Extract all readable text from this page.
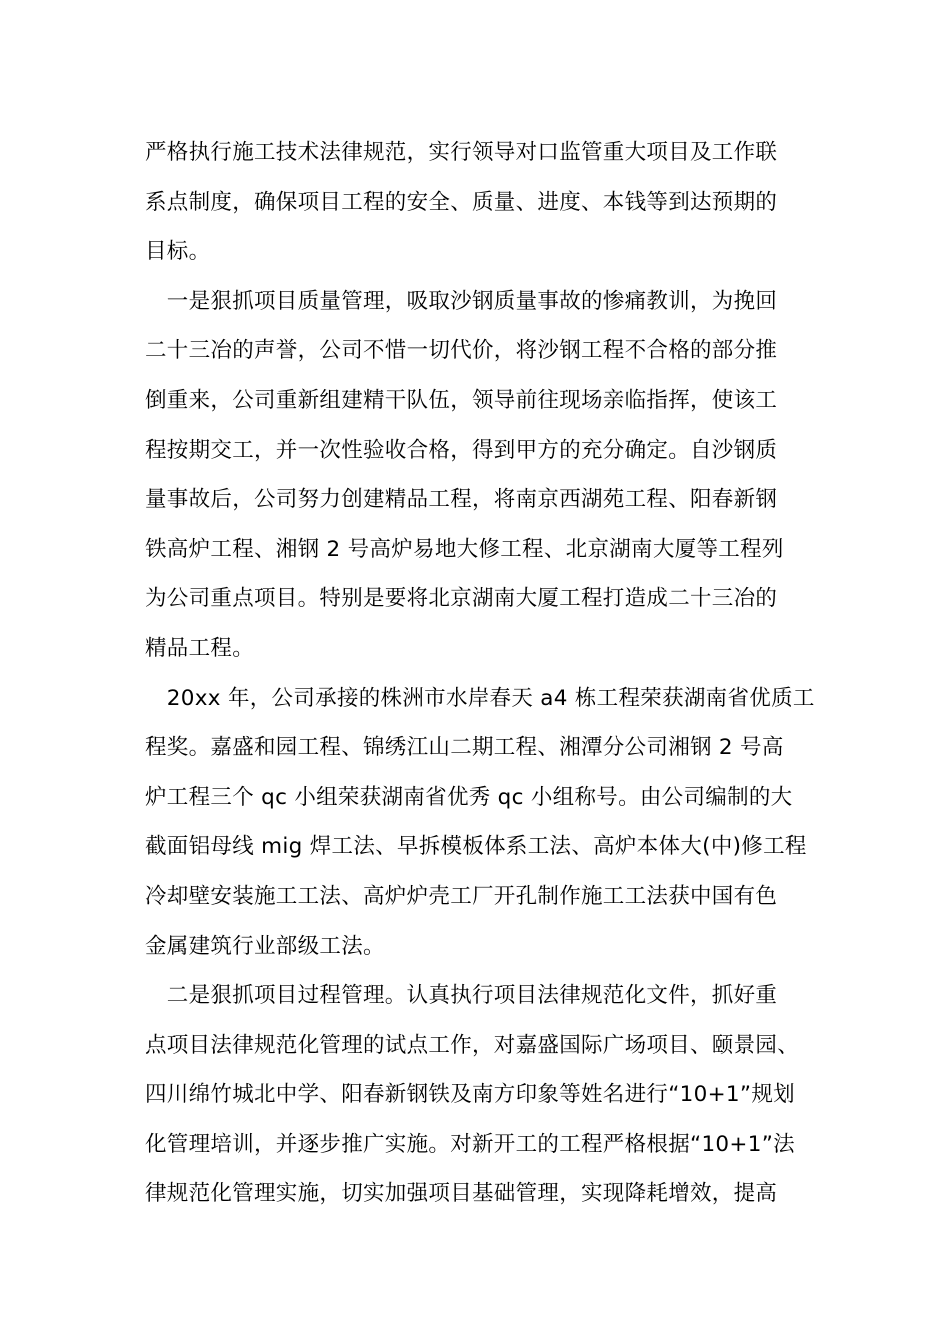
严格执行施工技术法律规范，实行领导对口监管重大项目及工作联
系点制度，确保项目工程的安全、质量、进度、本钱等到达预期的
目标。
　一是狠抓项目质量管理，吸取沙钢质量事故的惨痛教训，为挽回
二十三冶的声誉，公司不惜一切代价，将沙钢工程不合格的部分推
倒重来，公司重新组建精干队伍，领导前往现场亲临指挥，使该工
程按期交工，并一次性验收合格，得到甲方的充分确定。自沙钢质
量事故后，公司努力创建精品工程，将南京西湖苑工程、阳春新钢
铁高炉工程、湘钢 2 号高炉易地大修工程、北京湖南大厦等工程列
为公司重点项目。特别是要将北京湖南大厦工程打造成二十三冶的
精品工程。
　20xx 年，公司承接的株洲市水岸春天 a4 栋工程荣获湖南省优质工
程奖。嘉盛和园工程、锦绣江山二期工程、湘潭分公司湘钢 2 号高
炉工程三个 qc 小组荣获湖南省优秀 qc 小组称号。由公司编制的大
截面铝母线 mig 焊工法、早拆模板体系工法、高炉本体大(中)修工程
冷却壁安装施工工法、高炉炉壳工厂开孔制作施工工法获中国有色
金属建筑行业部级工法。
　二是狠抓项目过程管理。认真执行项目法律规范化文件，抓好重
点项目法律规范化管理的试点工作，对嘉盛国际广场项目、颐景园、
四川绵竹城北中学、阳春新钢铁及南方印象等姓名进行“10+1”规划
化管理培训，并逐步推广实施。对新开工的工程严格根据“10+1”法
律规范化管理实施，切实加强项目基础管理，实现降耗增效，提高
